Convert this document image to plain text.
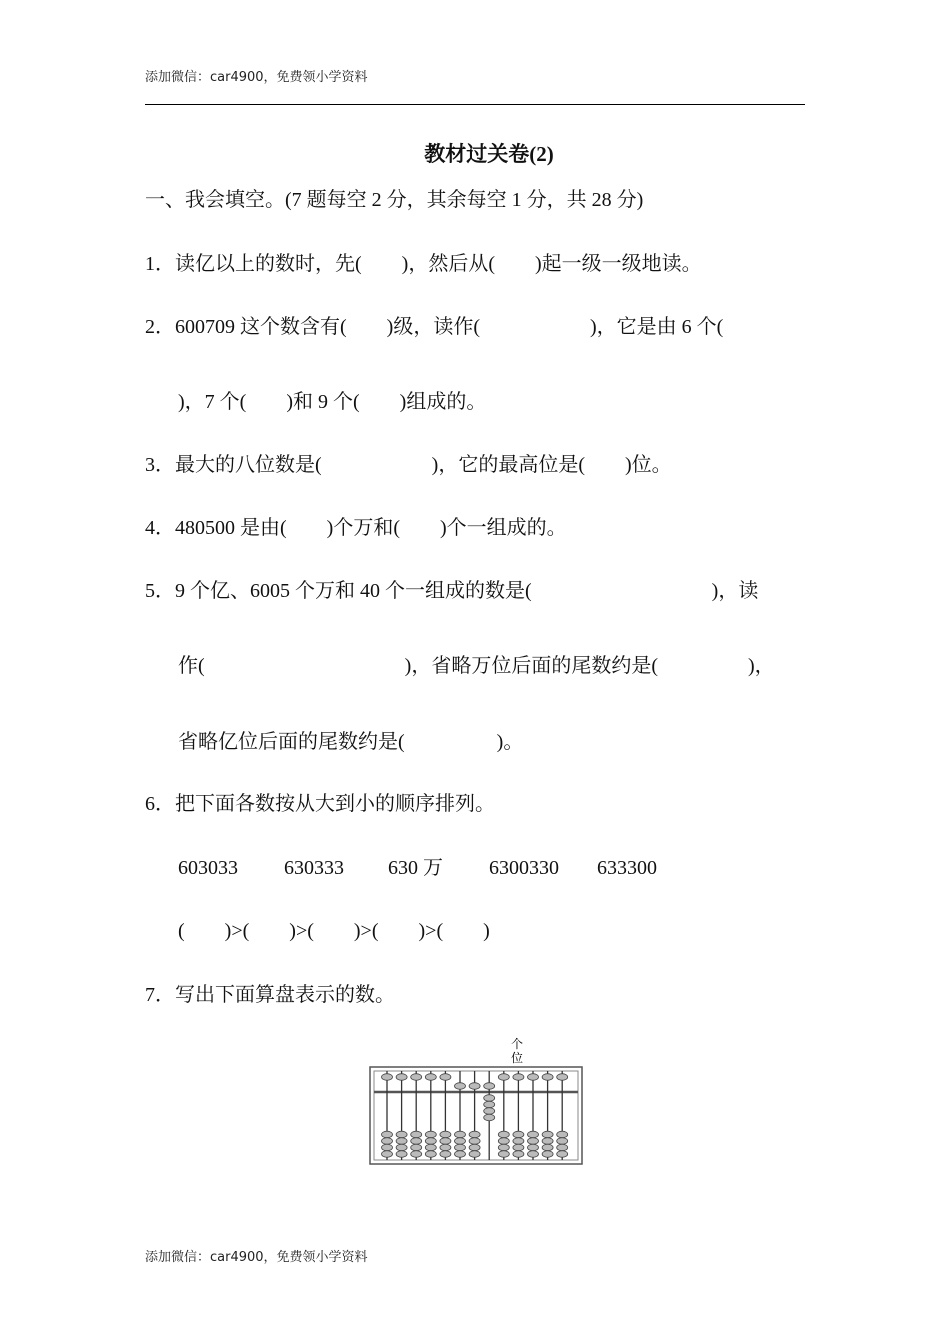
添加微信：car4900，免费领小学资料
教材过关卷(2)
一、我会填空。(7 题每空 2 分，其余每空 1 分，共 28 分)
1．读亿以上的数时，先( )，然后从( )起一级一级地读。
2．600709 这个数含有( )级，读作(	)，它是由 6 个(
)，7 个( )和 9 个( )组成的。
3．最大的八位数是(	)，它的最高位是( )位。
4．480500 是由( )个万和( )个一组成的。
5．9 个亿、6005 个万和 40 个一组成的数是(	)，读
作(	)，省略万位后面的尾数约是(	)，
省略亿位后面的尾数约是(	)。
6．把下面各数按从大到小的顺序排列。
603033 630333 630 万 6300330 633300
( )>( )>( )>( )>( )
7．写出下面算盘表示的数。
个
位
添加微信：car4900，免费领小学资料
